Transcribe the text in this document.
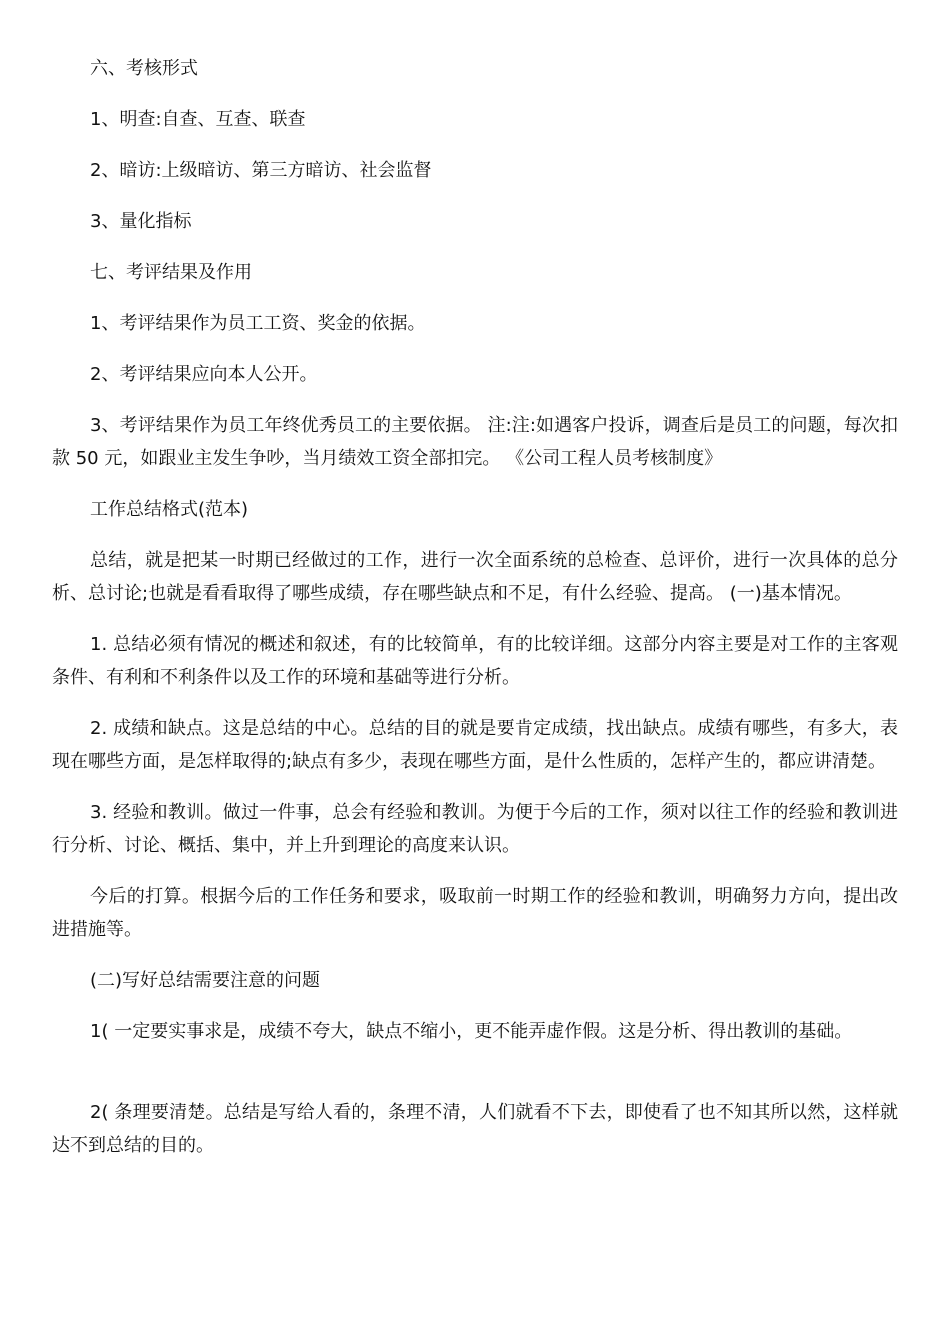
六、考核形式

1、明查:自查、互查、联查

2、暗访:上级暗访、第三方暗访、社会监督

3、量化指标

七、考评结果及作用

1、考评结果作为员工工资、奖金的依据。

2、考评结果应向本人公开。

3、考评结果作为员工年终优秀员工的主要依据。 注:注:如遇客户投诉，调查后是员工的问题，每次扣款 50 元，如跟业主发生争吵，当月绩效工资全部扣完。 《公司工程人员考核制度》

工作总结格式(范本)

总结，就是把某一时期已经做过的工作，进行一次全面系统的总检查、总评价，进行一次具体的总分析、总讨论;也就是看看取得了哪些成绩，存在哪些缺点和不足，有什么经验、提高。 (一)基本情况。

1. 总结必须有情况的概述和叙述，有的比较简单，有的比较详细。这部分内容主要是对工作的主客观条件、有利和不利条件以及工作的环境和基础等进行分析。

2. 成绩和缺点。这是总结的中心。总结的目的就是要肯定成绩，找出缺点。成绩有哪些，有多大，表现在哪些方面，是怎样取得的;缺点有多少，表现在哪些方面，是什么性质的，怎样产生的，都应讲清楚。

3. 经验和教训。做过一件事，总会有经验和教训。为便于今后的工作，须对以往工作的经验和教训进行分析、讨论、概括、集中，并上升到理论的高度来认识。

今后的打算。根据今后的工作任务和要求，吸取前一时期工作的经验和教训，明确努力方向，提出改进措施等。

(二)写好总结需要注意的问题

1( 一定要实事求是，成绩不夸大，缺点不缩小，更不能弄虚作假。这是分析、得出教训的基础。

2( 条理要清楚。总结是写给人看的，条理不清，人们就看不下去，即使看了也不知其所以然，这样就达不到总结的目的。
